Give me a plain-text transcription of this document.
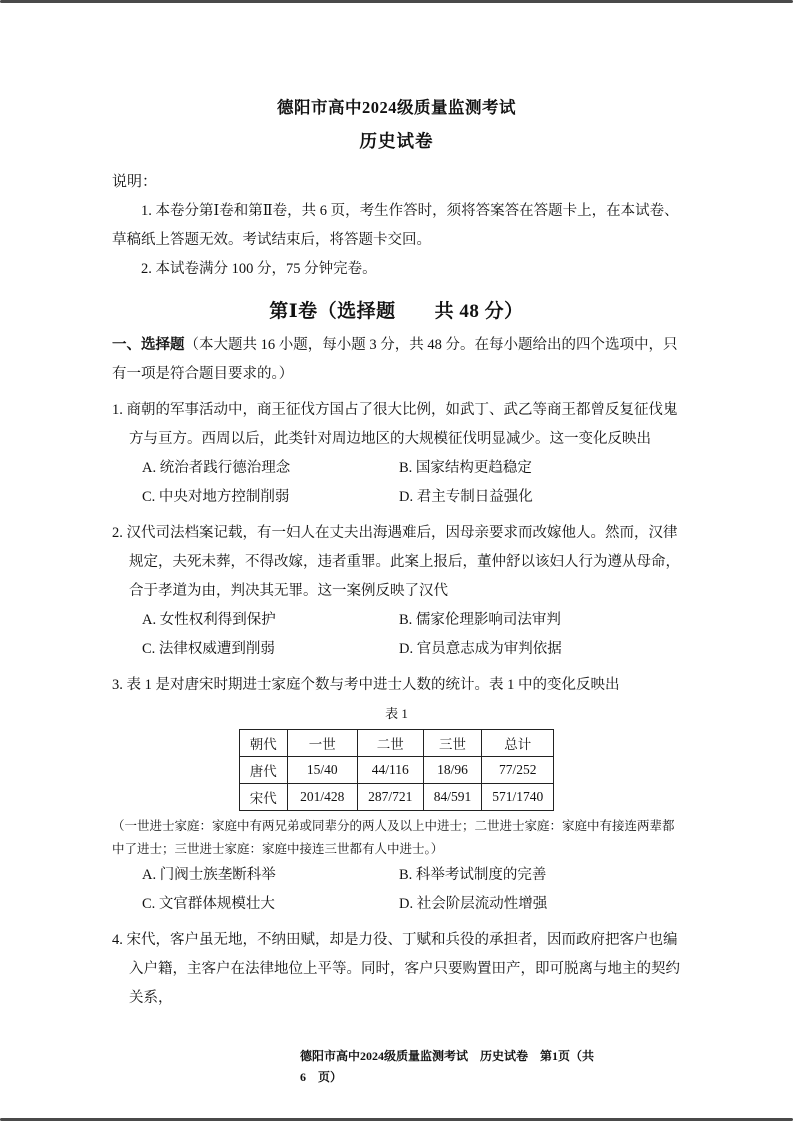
德阳市高中2024级质量监测考试
历史试卷
说明：

1. 本卷分第Ⅰ卷和第Ⅱ卷，共 6 页，考生作答时，须将答案答在答题卡上，在本试卷、草稿纸上答题无效。考试结束后，将答题卡交回。

2. 本试卷满分 100 分，75 分钟完卷。

第Ⅰ卷（选择题　　共 48 分）

一、选择题（本大题共 16 小题，每小题 3 分，共 48 分。在每小题给出的四个选项中，只有一项是符合题目要求的。）

1. 商朝的军事活动中，商王征伐方国占了很大比例，如武丁、武乙等商王都曾反复征伐鬼方与亘方。西周以后，此类针对周边地区的大规模征伐明显减少。这一变化反映出

A. 统治者践行德治理念	B. 国家结构更趋稳定
C. 中央对地方控制削弱	D. 君主专制日益强化

2. 汉代司法档案记载，有一妇人在丈夫出海遇难后，因母亲要求而改嫁他人。然而，汉律规定，夫死未葬，不得改嫁，违者重罪。此案上报后，董仲舒以该妇人行为遵从母命，合于孝道为由，判决其无罪。这一案例反映了汉代

A. 女性权利得到保护	B. 儒家伦理影响司法审判
C. 法律权威遭到削弱	D. 官员意志成为审判依据

3. 表 1 是对唐宋时期进士家庭个数与考中进士人数的统计。表 1 中的变化反映出

表 1
朝代	一世	二世	三世	总计
唐代	15/40	44/116	18/96	77/252
宋代	201/428	287/721	84/591	571/1740

（一世进士家庭：家庭中有两兄弟或同辈分的两人及以上中进士；二世进士家庭：家庭中有接连两辈都中了进士；三世进士家庭：家庭中接连三世都有人中进士。）

A. 门阀士族垄断科举	B. 科举考试制度的完善
C. 文官群体规模壮大	D. 社会阶层流动性增强

4. 宋代，客户虽无地，不纳田赋，却是力役、丁赋和兵役的承担者，因而政府把客户也编入户籍，主客户在法律地位上平等。同时，客户只要购置田产，即可脱离与地主的契约关系，

德阳市高中2024级质量监测考试　历史试卷　第1页（共
6　页）
